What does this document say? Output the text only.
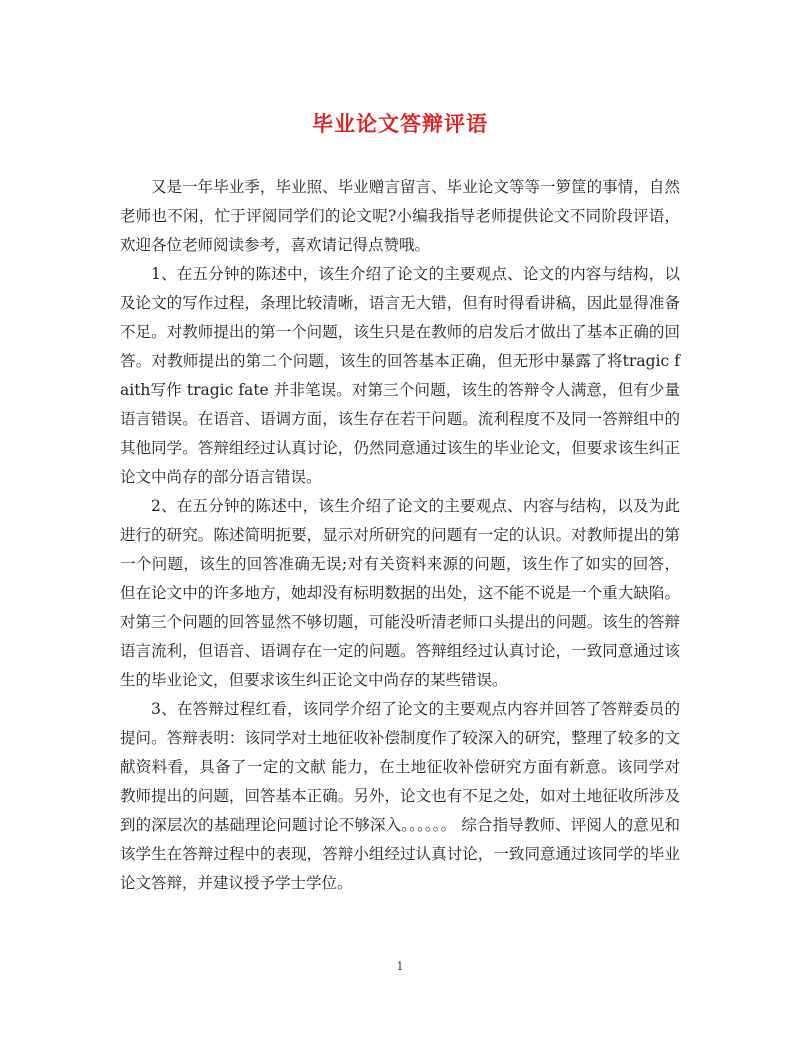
毕业论文答辩评语

又是一年毕业季，毕业照、毕业赠言留言、毕业论文等等一箩筐的事情，自然老师也不闲，忙于评阅同学们的论文呢?小编我指导老师提供论文不同阶段评语，欢迎各位老师阅读参考，喜欢请记得点赞哦。

1、在五分钟的陈述中，该生介绍了论文的主要观点、论文的内容与结构，以及论文的写作过程，条理比较清晰，语言无大错，但有时得看讲稿，因此显得准备不足。对教师提出的第一个问题，该生只是在教师的启发后才做出了基本正确的回答。对教师提出的第二个问题，该生的回答基本正确，但无形中暴露了将tragic faith写作 tragic fate 并非笔误。对第三个问题，该生的答辩令人满意，但有少量语言错误。在语音、语调方面，该生存在若干问题。流利程度不及同一答辩组中的其他同学。答辩组经过认真讨论，仍然同意通过该生的毕业论文，但要求该生纠正论文中尚存的部分语言错误。

2、在五分钟的陈述中，该生介绍了论文的主要观点、内容与结构，以及为此进行的研究。陈述简明扼要，显示对所研究的问题有一定的认识。对教师提出的第一个问题，该生的回答准确无误;对有关资料来源的问题，该生作了如实的回答，但在论文中的许多地方，她却没有标明数据的出处，这不能不说是一个重大缺陷。对第三个问题的回答显然不够切题，可能没听清老师口头提出的问题。该生的答辩语言流利，但语音、语调存在一定的问题。答辩组经过认真讨论，一致同意通过该生的毕业论文，但要求该生纠正论文中尚存的某些错误。

3、在答辩过程红看，该同学介绍了论文的主要观点内容并回答了答辩委员的提问。答辩表明：该同学对土地征收补偿制度作了较深入的研究，整理了较多的文献资料看，具备了一定的文献 能力，在土地征收补偿研究方面有新意。该同学对教师提出的问题，回答基本正确。另外，论文也有不足之处，如对土地征收所涉及到的深层次的基础理论问题讨论不够深入。。。。。。 综合指导教师、评阅人的意见和该学生在答辩过程中的表现，答辩小组经过认真讨论，一致同意通过该同学的毕业论文答辩，并建议授予学士学位。

1
